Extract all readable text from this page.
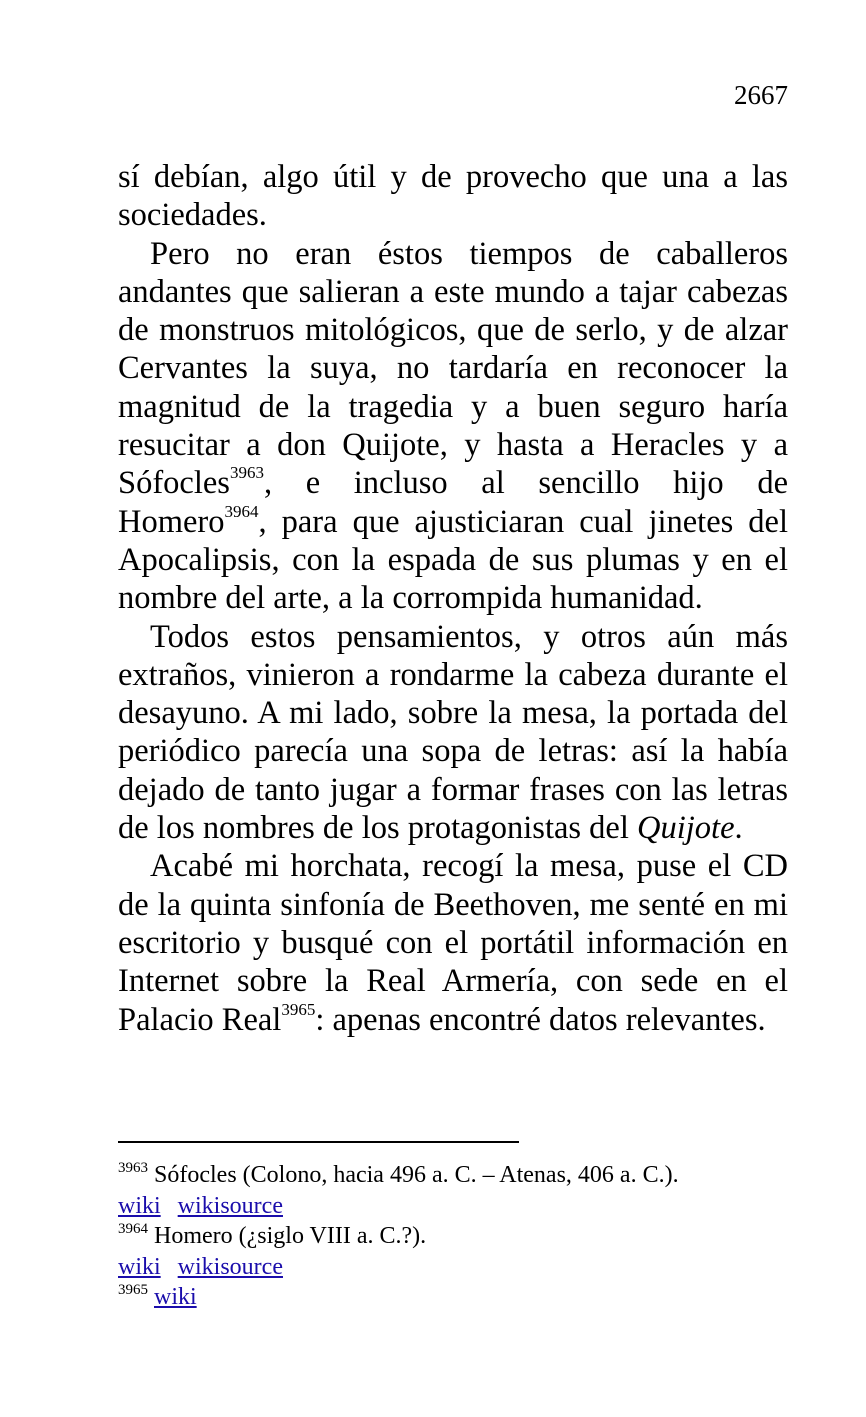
2667

sí debían, algo útil y de provecho que una a las sociedades.

Pero no eran éstos tiempos de caballeros andantes que salieran a este mundo a tajar cabezas de monstruos mitológicos, que de serlo, y de alzar Cervantes la suya, no tardaría en reconocer la magnitud de la tragedia y a buen seguro haría resucitar a don Quijote, y hasta a Heracles y a Sófocles$^{3963}$, e incluso al sencillo hijo de Homero$^{3964}$, para que ajusticiaran cual jinetes del Apocalipsis, con la espada de sus plumas y en el nombre del arte, a la corrompida humanidad.

Todos estos pensamientos, y otros aún más extraños, vinieron a rondarme la cabeza durante el desayuno. A mi lado, sobre la mesa, la portada del periódico parecía una sopa de letras: así la había dejado de tanto jugar a formar frases con las letras de los nombres de los protagonistas del Quijote.

Acabé mi horchata, recogí la mesa, puse el CD de la quinta sinfonía de Beethoven, me senté en mi escritorio y busqué con el portátil información en Internet sobre la Real Armería, con sede en el Palacio Real$^{3965}$: apenas encontré datos relevantes.

$^{3963}$ Sófocles (Colono, hacia 496 a. C. – Atenas, 406 a. C.).
wiki wikisource
$^{3964}$ Homero (¿siglo VIII a. C.?).
wiki wikisource
$^{3965}$ wiki
